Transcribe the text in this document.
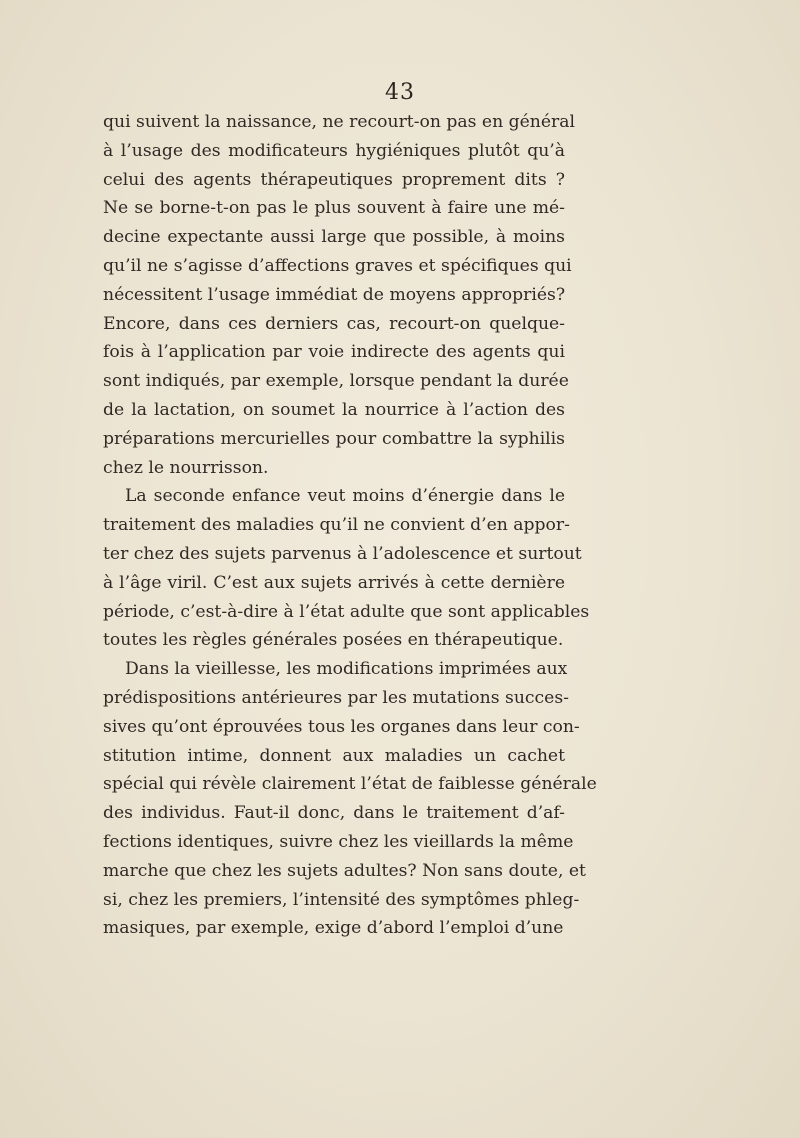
43
qui suivent la naissance, ne recourt-on pas en général
à l’usage des modificateurs hygiéniques plutôt qu’à
celui des agents thérapeutiques proprement dits ?
Ne se borne-t-on pas le plus souvent à faire une mé-
decine expectante aussi large que possible, à moins
qu’il ne s’agisse d’affections graves et spécifiques qui
nécessitent l’usage immédiat de moyens appropriés?
Encore, dans ces derniers cas, recourt-on quelque-
fois à l’application par voie indirecte des agents qui
sont indiqués, par exemple, lorsque pendant la durée
de la lactation, on soumet la nourrice à l’action des
préparations mercurielles pour combattre la syphilis
chez le nourrisson.
La seconde enfance veut moins d’énergie dans le
traitement des maladies qu’il ne convient d’en appor-
ter chez des sujets parvenus à l’adolescence et surtout
à l’âge viril. C’est aux sujets arrivés à cette dernière
période, c’est-à-dire à l’état adulte que sont applicables
toutes les règles générales posées en thérapeutique.
Dans la vieillesse, les modifications imprimées aux
prédispositions antérieures par les mutations succes-
sives qu’ont éprouvées tous les organes dans leur con-
stitution intime, donnent aux maladies un cachet
spécial qui révèle clairement l’état de faiblesse générale
des individus. Faut-il donc, dans le traitement d’af-
fections identiques, suivre chez les vieillards la même
marche que chez les sujets adultes? Non sans doute, et
si, chez les premiers, l’intensité des symptômes phleg-
masiques, par exemple, exige d’abord l’emploi d’une
